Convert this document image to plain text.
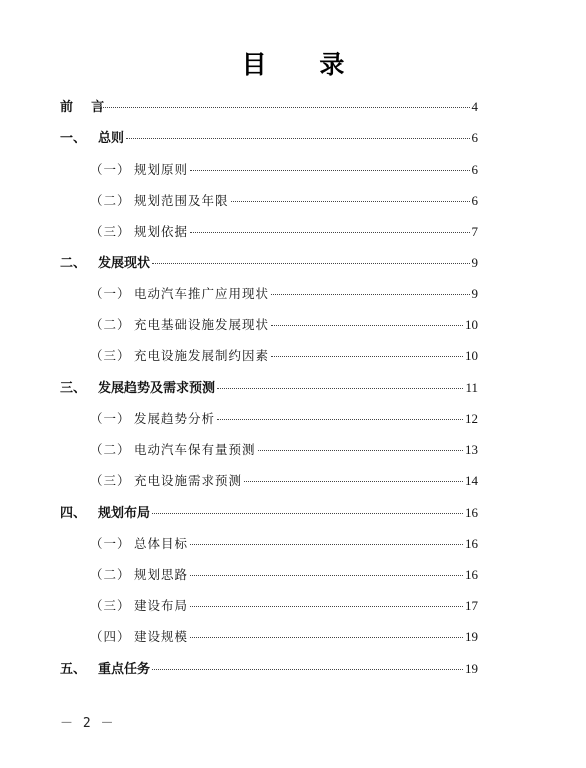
目 录
前    言	4
一、 总则	6
（一） 规划原则	6
（二） 规划范围及年限	6
（三） 规划依据	7
二、 发展现状	9
（一） 电动汽车推广应用现状	9
（二） 充电基础设施发展现状	10
（三） 充电设施发展制约因素	10
三、 发展趋势及需求预测	11
（一） 发展趋势分析	12
（二） 电动汽车保有量预测	13
（三） 充电设施需求预测	14
四、 规划布局	16
（一） 总体目标	16
（二） 规划思路	16
（三） 建设布局	17
（四） 建设规模	19
五、 重点任务	19
－ 2 －
